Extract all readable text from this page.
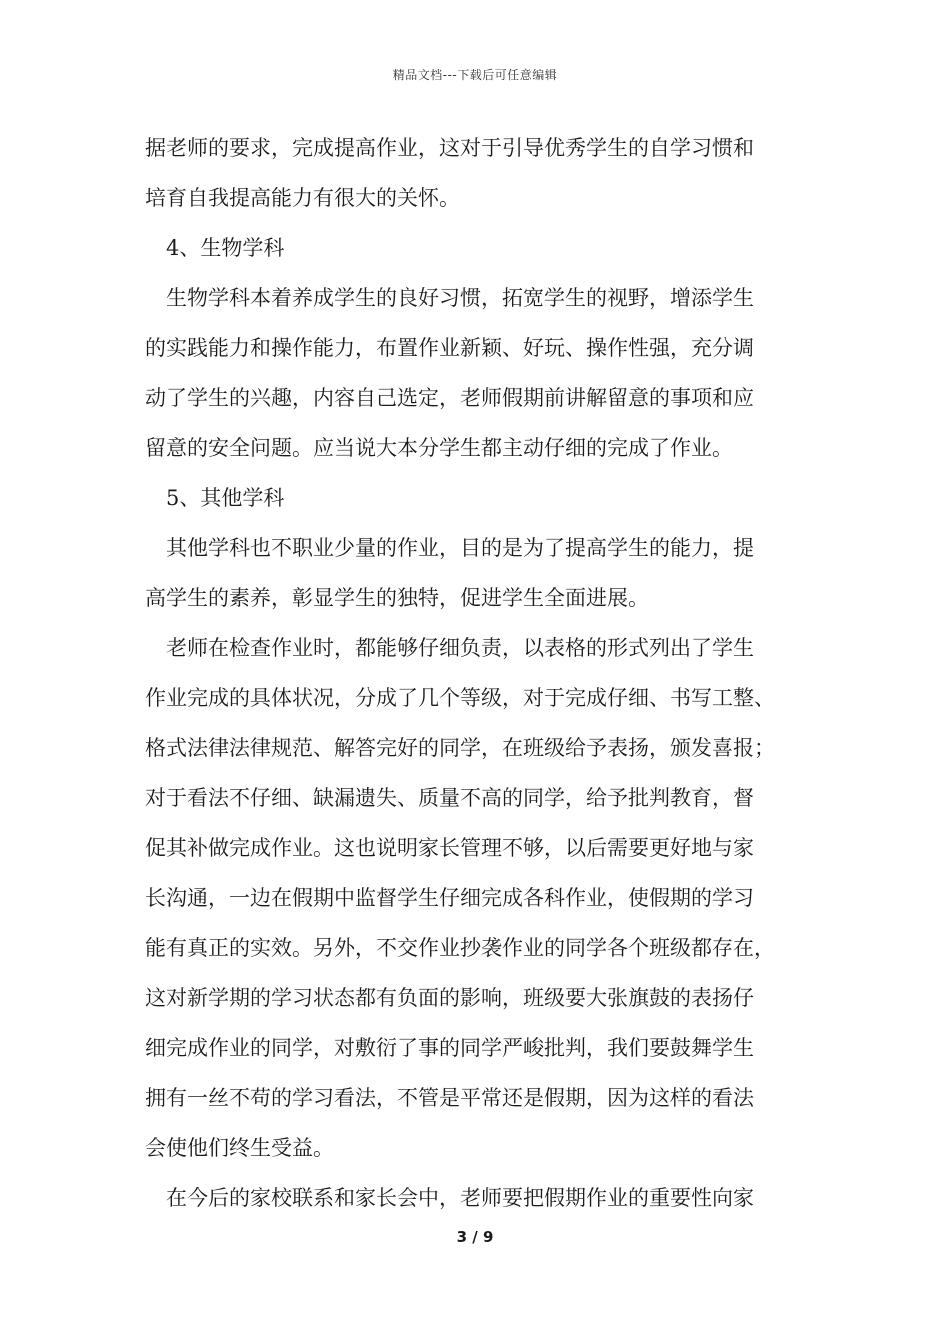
精品文档---下载后可任意编辑
据老师的要求，完成提高作业，这对于引导优秀学生的自学习惯和
培育自我提高能力有很大的关怀。
4、生物学科
生物学科本着养成学生的良好习惯，拓宽学生的视野，增添学生
的实践能力和操作能力，布置作业新颖、好玩、操作性强，充分调
动了学生的兴趣，内容自己选定，老师假期前讲解留意的事项和应
留意的安全问题。应当说大本分学生都主动仔细的完成了作业。
5、其他学科
其他学科也不职业少量的作业，目的是为了提高学生的能力，提
高学生的素养，彰显学生的独特，促进学生全面进展。
老师在检查作业时，都能够仔细负责，以表格的形式列出了学生
作业完成的具体状况，分成了几个等级，对于完成仔细、书写工整、
格式法律法律规范、解答完好的同学，在班级给予表扬，颁发喜报；
对于看法不仔细、缺漏遗失、质量不高的同学，给予批判教育，督
促其补做完成作业。这也说明家长管理不够，以后需要更好地与家
长沟通，一边在假期中监督学生仔细完成各科作业，使假期的学习
能有真正的实效。另外，不交作业抄袭作业的同学各个班级都存在，
这对新学期的学习状态都有负面的影响，班级要大张旗鼓的表扬仔
细完成作业的同学，对敷衍了事的同学严峻批判，我们要鼓舞学生
拥有一丝不苟的学习看法，不管是平常还是假期，因为这样的看法
会使他们终生受益。
在今后的家校联系和家长会中，老师要把假期作业的重要性向家
3 / 9
